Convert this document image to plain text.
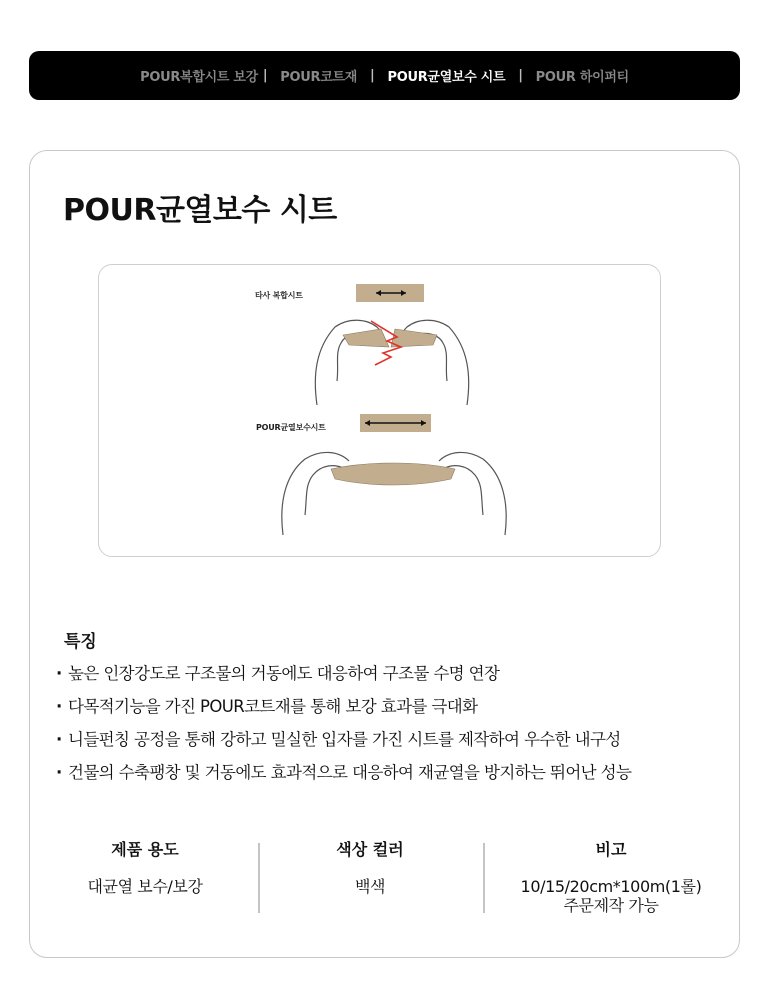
POUR복합시트 보강 | POUR코트재 | POUR균열보수 시트 | POUR 하이퍼티
POUR균열보수 시트
타사 복합시트
POUR균열보수시트
특징
· 높은 인장강도로 구조물의 거동에도 대응하여 구조물 수명 연장
· 다목적기능을 가진 POUR코트재를 통해 보강 효과를 극대화
· 니들펀칭 공정을 통해 강하고 밀실한 입자를 가진 시트를 제작하여 우수한 내구성
· 건물의 수축팽창 및 거동에도 효과적으로 대응하여 재균열을 방지하는 뛰어난 성능
제품 용도
대균열 보수/보강
색상 컬러
백색
비고
10/15/20cm*100m(1롤)
주문제작 가능
